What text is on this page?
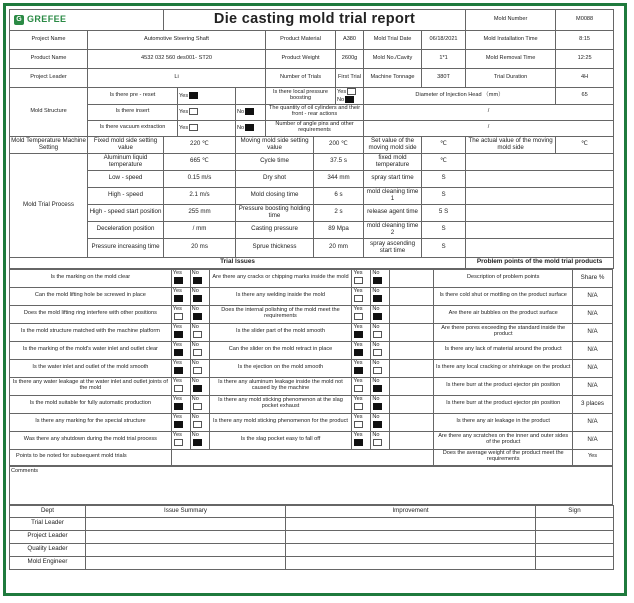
G GREFEE		Die casting mold trial report								Mold Number	M0088
Project Name	Automotive Steering Shaft				Product Material		A380	Mold Trial Date	06/18/2021	Mold Installation Time	8:15
Product Name	4532 032 560 des001- ST20				Product Weight		2600g	Mold No./Cavity	1*1	Mold Removal Time	12:25
Project Leader	Li				Number of Trials		First Trial	Machine Tonnage	380T	Trial Duration	4H
Mold Structure	Is there pre - reset		Yes		Is there local pressure boosting		Yes No	Diameter of Injection Head （mm）			65
	Is there insert		Yes	No	The quantity of oil cylinders and their front - rear actions			/			
	Is there vacuum extraction		Yes	No	Number of angle pins and other requirements			/			
Mold Temperature Machine Setting	Fixed mold side setting value	220 ℃		Moving mold side setting value		200 ℃		Set value of the moving mold side	℃	The actual value of the moving mold side	℃
Mold Trial Process	Aluminum liquid temperature	665 ℃		Cycle time		37.5 s		fixed mold temperature	℃		
	Low - speed	0.15 m/s		Dry shot		344 mm		spray start time	S		
	High - speed	2.1 m/s		Mold closing time		6 s		mold cleaning time 1	S		
	High - speed start position	255 mm		Pressure boosting holding time		2 s		release agent time	5 S		
	Deceleration position	/ mm		Casting pressure		89 Mpa		mold cleaning time 2	S		
	Pressure increasing time	20 ms		Sprue thickness		20 mm		spray ascending start time	S		
Trial Issues										Problem points of the mold trial products	
Is the marking on the mold clear	Yes	No	Are there any cracks or chipping marks inside the mold	Yes	No		Description of problem points	Share %
Can the mold lifting hole be screwed in place	Yes	No	Is there any welding inside the mold	Yes	No		Is there cold shut or mottling on the product surface	N/A
Does the mold lifting ring interfere with other positions	Yes	No	Does the internal polishing of the mold meet the requirements	Yes	No		Are there air bubbles on the product surface	N/A
Is the mold structure matched with the machine platform	Yes	No	Is the slider part of the mold smooth	Yes	No		Are there pores exceeding the standard inside the product	N/A
Is the marking of the mold's water inlet and outlet clear	Yes	No	Can the slider on the mold retract in place	Yes	No		Is there any lack of material around the product	N/A
Is the water inlet and outlet of the mold smooth	Yes	No	Is the ejection on the mold smooth	Yes	No		Is there any local cracking or shrinkage on the product	N/A
Is there any water leakage at the water inlet and outlet joints of the mold	Yes	No	Is there any aluminum leakage inside the mold not caused by the machine	Yes	No		Is there burr at the product ejector pin position	N/A
Is the mold suitable for fully automatic production	Yes	No	Is there any mold sticking phenomenon at the slag pocket exhaust	Yes	No		Is there burr at the product ejector pin position	3 places
Is there any marking for the special structure	Yes	No	Is there any mold sticking phenomenon for the product	Yes	No		Is there any air leakage in the product	N/A
Was there any shutdown during the mold trial process	Yes	No	Is the slag pocket easy to fall off	Yes	No		Are there any scratches on the inner and outer sides of the product	N/A
Points to be noted for subsequent mold trials							Does the average weight of the product meet the requirements	Yes
Comments
Dept	Issue Summary	Improvement	Sign
Trial Leader			
Project Leader			
Quality Leader			
Mold Engineer			
